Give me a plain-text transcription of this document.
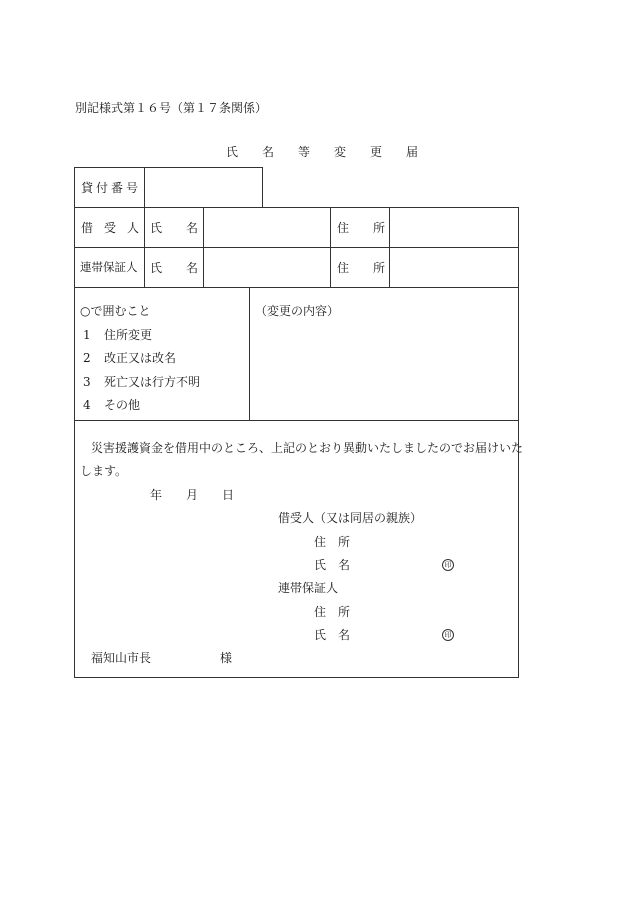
別記様式第１６号（第１７条関係）
氏　　名　　等　　変　　更　　届
貸付番号
借受人 氏　　名	住　　所
連帯保証人 氏　　名	住　　所
○で囲むこと
1 住所変更
2 改正又は改名
3 死亡又は行方不明
4 その他
（変更の内容）
災害援護資金を借用中のところ、上記のとおり異動いたしましたのでお届けいた
します。
年　　月　　日
借受人（又は同居の親族）
住　所
氏　名	印
連帯保証人
住　所
氏　名	印
福知山市長	様
